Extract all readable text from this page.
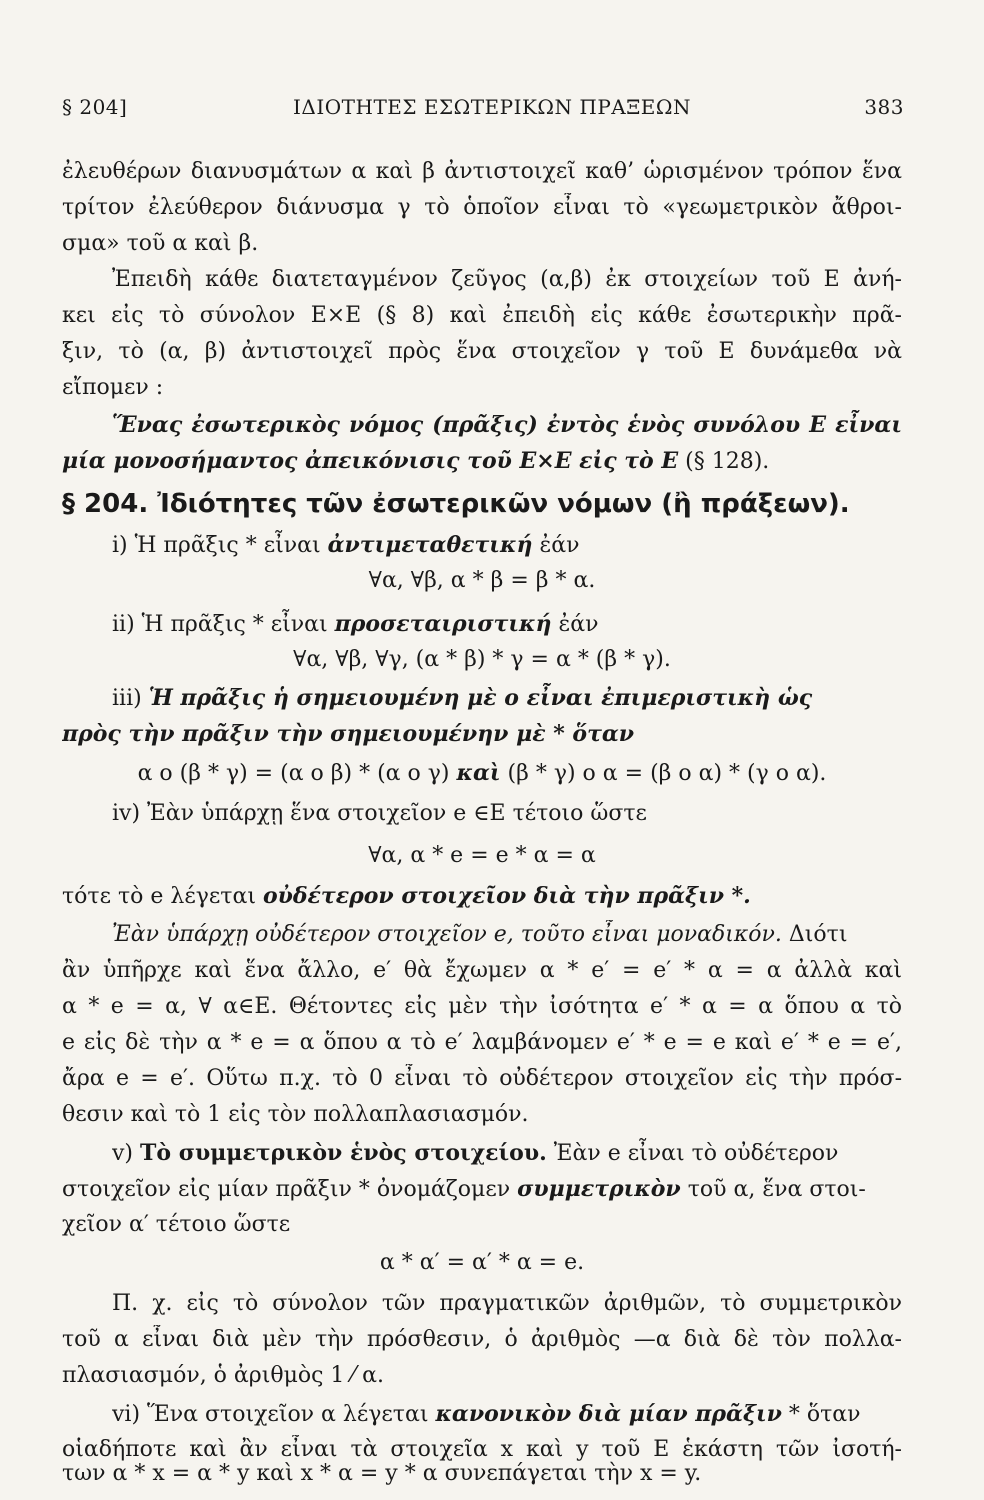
ΙΔΙΟΤΗΤΕΣ ΕΣΩΤΕΡΙΚΩΝ ΠΡΑΞΕΩΝ
§ 204]	383
ἐλευθέρων διανυσμάτων α καὶ β ἀντιστοιχεῖ καθ’ ὡρισμένον τρόπον ἕνα
τρίτον ἐλεύθερον διάνυσμα γ τὸ ὁποῖον εἶναι τὸ «γεωμετρικὸν ἄθροι-
σμα» τοῦ α καὶ β.
Ἐπειδὴ κάθε διατεταγμένον ζεῦγος (α,β) ἐκ στοιχείων τοῦ Ε ἀνή-
κει εἰς τὸ σύνολον Ε×Ε (§ 8) καὶ ἐπειδὴ εἰς κάθε ἐσωτερικὴν πρᾶ-
ξιν, τὸ (α, β) ἀντιστοιχεῖ πρὸς ἕνα στοιχεῖον γ τοῦ Ε δυνάμεθα νὰ
εἴπομεν :
Ἕνας ἐσωτερικὸς νόμος (πρᾶξις) ἐντὸς ἑνὸς συνόλου Ε εἶναι
μία μονοσήμαντος ἀπεικόνισις τοῦ Ε×Ε εἰς τὸ Ε (§ 128).
§ 204. Ἰδιότητες τῶν ἐσωτερικῶν νόμων (ἢ πράξεων).
i) Ἡ πρᾶξις * εἶναι ἀντιμεταθετική ἐάν
∀α, ∀β, α * β = β * α.
ii) Ἡ πρᾶξις * εἶναι προσεταιριστική ἐάν
∀α, ∀β, ∀γ, (α * β) * γ = α * (β * γ).
iii) Ἡ πρᾶξις ἡ σημειουμένη μὲ ο εἶναι ἐπιμεριστικὴ ὡς
πρὸς τὴν πρᾶξιν τὴν σημειουμένην μὲ * ὅταν
α ο (β * γ) = (α ο β) * (α ο γ) καὶ (β * γ) ο α = (β ο α) * (γ ο α).
iv) Ἐὰν ὑπάρχῃ ἕνα στοιχεῖον e ∈E τέτοιο ὥστε
∀α, α * e = e * α = α
τότε τὸ e λέγεται οὐδέτερον στοιχεῖον διὰ τὴν πρᾶξιν *.
Ἐὰν ὑπάρχῃ οὐδέτερον στοιχεῖον e, τοῦτο εἶναι μοναδικόν. Διότι
ἂν ὑπῆρχε καὶ ἕνα ἄλλο, e′ θὰ ἔχωμεν α * e′ = e′ * α = α ἀλλὰ καὶ
α * e = α, ∀ α∈Ε. Θέτοντες εἰς μὲν τὴν ἰσότητα e′ * α = α ὅπου α τὸ
e εἰς δὲ τὴν α * e = α ὅπου α τὸ e′ λαμβάνομεν e′ * e = e καὶ e′ * e = e′,
ἄρα e = e′. Οὕτω π.χ. τὸ 0 εἶναι τὸ οὐδέτερον στοιχεῖον εἰς τὴν πρόσ-
θεσιν καὶ τὸ 1 εἰς τὸν πολλαπλασιασμόν.
v) Τὸ συμμετρικὸν ἑνὸς στοιχείου. Ἐὰν e εἶναι τὸ οὐδέτερον
στοιχεῖον εἰς μίαν πρᾶξιν * ὀνομάζομεν συμμετρικὸν τοῦ α, ἕνα στοι-
χεῖον α′ τέτοιο ὥστε
α * α′ = α′ * α = e.
Π. χ. εἰς τὸ σύνολον τῶν πραγματικῶν ἀριθμῶν, τὸ συμμετρικὸν
τοῦ α εἶναι διὰ μὲν τὴν πρόσθεσιν, ὁ ἀριθμὸς —α διὰ δὲ τὸν πολλα-
πλασιασμόν, ὁ ἀριθμὸς 1 ⁄ α.
vi) Ἕνα στοιχεῖον α λέγεται κανονικὸν διὰ μίαν πρᾶξιν * ὅταν
οἱαδήποτε καὶ ἂν εἶναι τὰ στοιχεῖα x καὶ y τοῦ Ε ἑκάστη τῶν ἰσοτή-
των α * x = α * y καὶ x * α = y * α συνεπάγεται τὴν x = y.
